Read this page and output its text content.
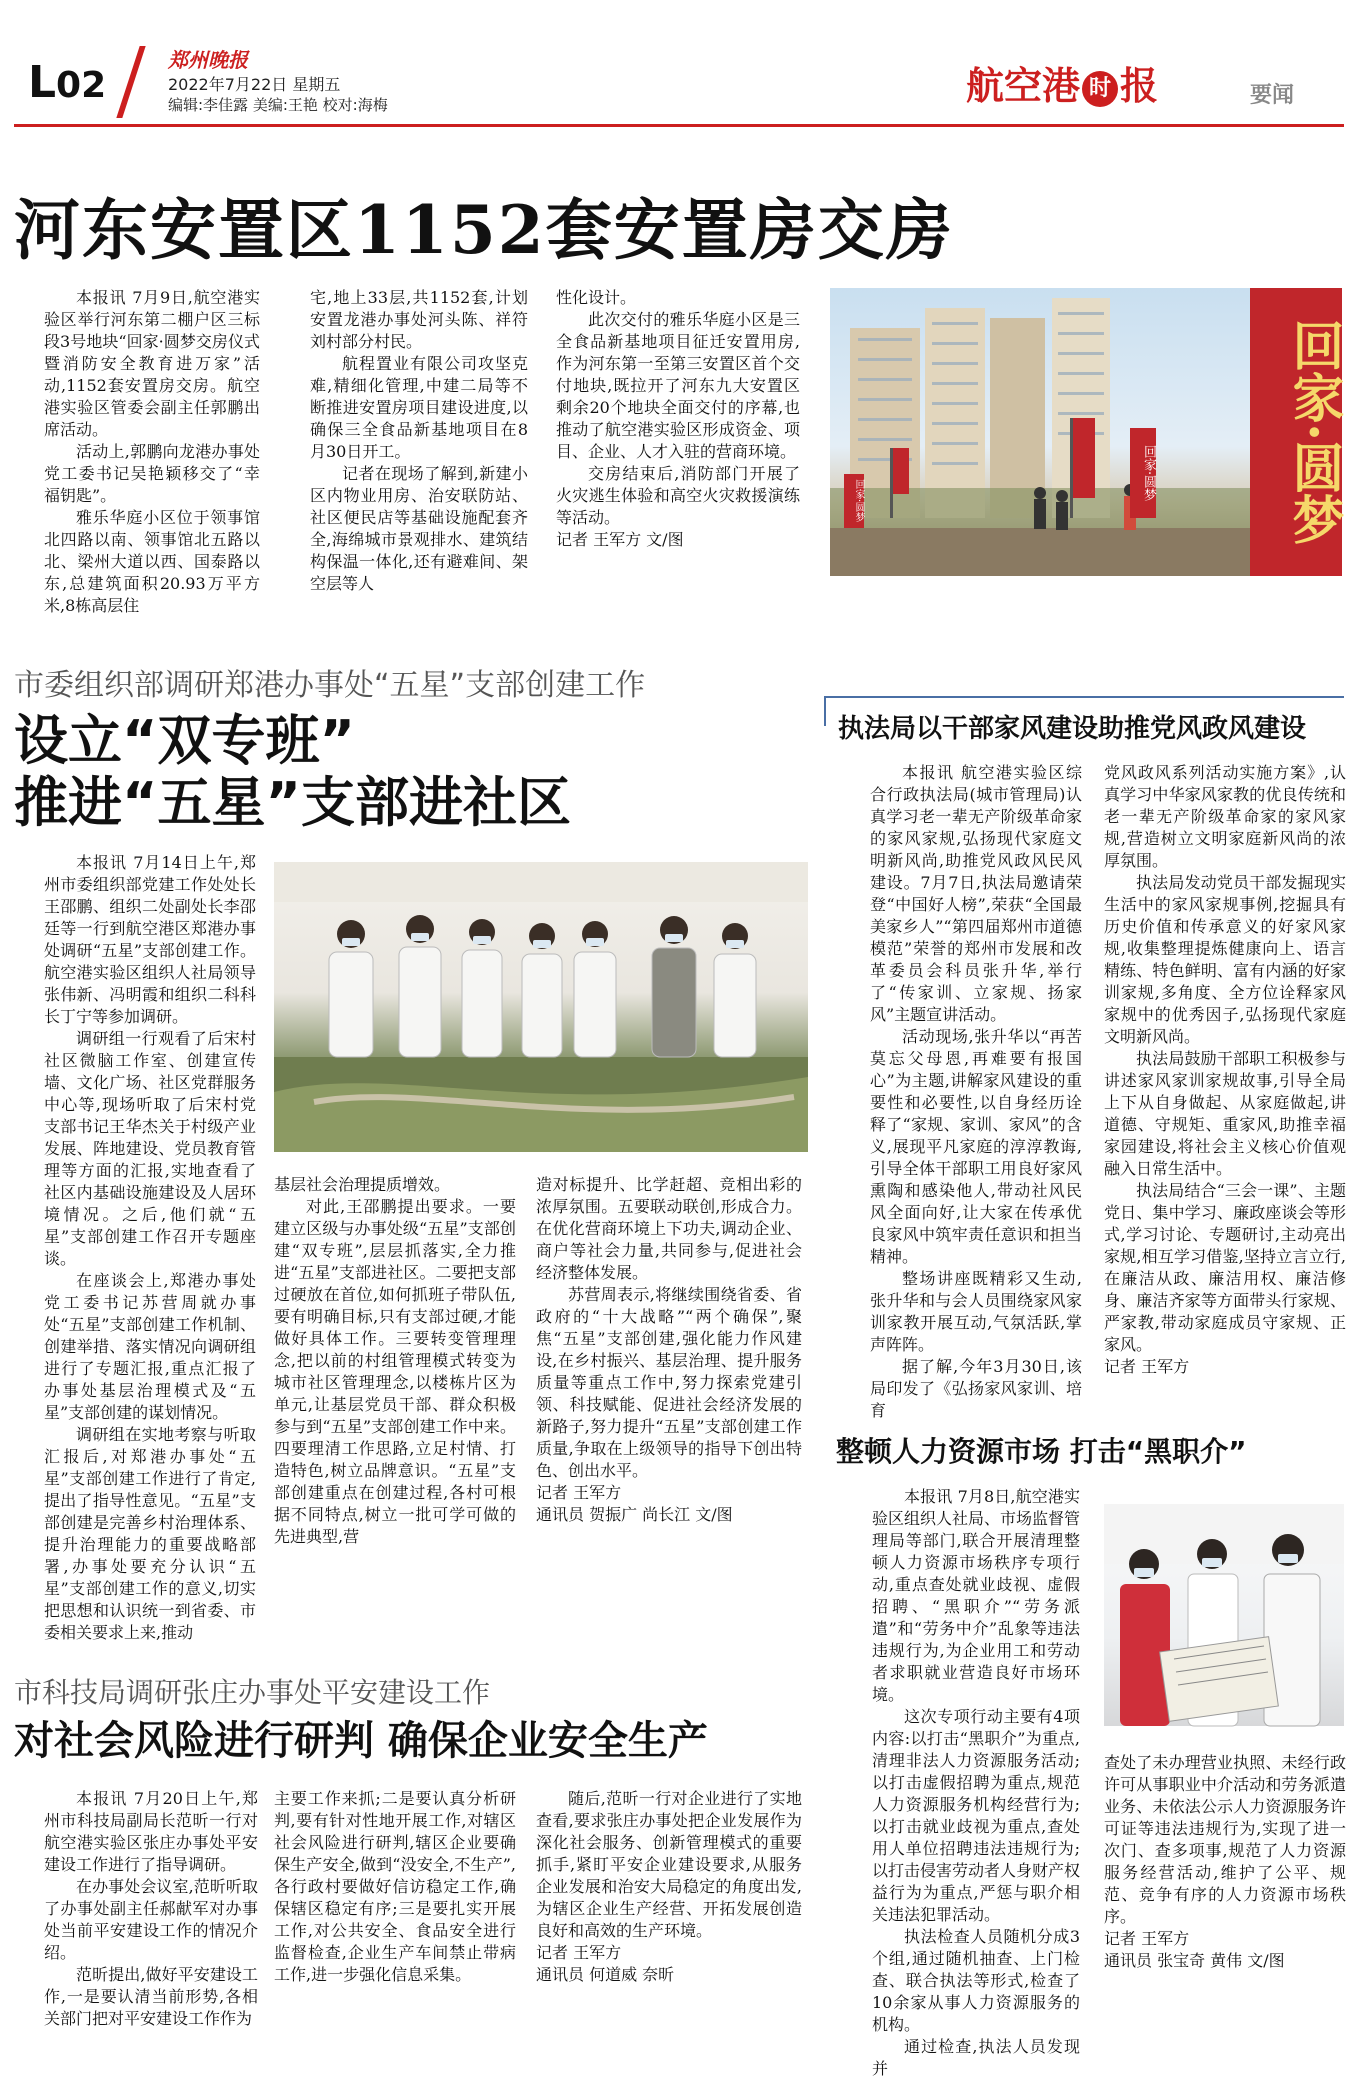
L02
郑州晚报
2022年7月22日 星期五
编辑:李佳露 美编:王艳 校对:海梅	航空港 时 报	要闻
河东安置区1152套安置房交房

本报讯 7月9日,航空港实验区举行河东第二棚户区三标段3号地块“回家·圆梦交房仪式暨消防安全教育进万家”活动,1152套安置房交房。航空港实验区管委会副主任郭鹏出席活动。

活动上,郭鹏向龙港办事处党工委书记吴艳颖移交了“幸福钥匙”。

雅乐华庭小区位于领事馆北四路以南、领事馆北五路以北、梁州大道以西、国泰路以东,总建筑面积20.93万平方米,8栋高层住

宅,地上33层,共1152套,计划安置龙港办事处河头陈、祥符刘村部分村民。

航程置业有限公司攻坚克难,精细化管理,中建二局等不断推进安置房项目建设进度,以确保三全食品新基地项目在8月30日开工。

记者在现场了解到,新建小区内物业用房、治安联防站、社区便民店等基础设施配套齐全,海绵城市景观排水、建筑结构保温一体化,还有避难间、架空层等人

性化设计。

此次交付的雅乐华庭小区是三全食品新基地项目征迁安置用房,作为河东第一至第三安置区首个交付地块,既拉开了河东九大安置区剩余20个地块全面交付的序幕,也推动了航空港实验区形成资金、项目、企业、人才入驻的营商环境。

交房结束后,消防部门开展了火灾逃生体验和高空火灾救援演练等活动。

记者 王军方 文/图

回家·圆梦
回家·圆梦	回家·圆梦
市委组织部调研郑港办事处“五星”支部创建工作
设立“双专班”
推进“五星”支部进社区

本报讯 7月14日上午,郑州市委组织部党建工作处处长王邵鹏、组织二处副处长李邵廷等一行到航空港区郑港办事处调研“五星”支部创建工作。航空港实验区组织人社局领导张伟新、冯明霞和组织二科科长丁宁等参加调研。

调研组一行观看了后宋村社区微脑工作室、创建宣传墙、文化广场、社区党群服务中心等,现场听取了后宋村党支部书记王华杰关于村级产业发展、阵地建设、党员教育管理等方面的汇报,实地查看了社区内基础设施建设及人居环境情况。之后,他们就“五星”支部创建工作召开专题座谈。

在座谈会上,郑港办事处党工委书记苏营周就办事处“五星”支部创建工作机制、创建举措、落实情况向调研组进行了专题汇报,重点汇报了办事处基层治理模式及“五星”支部创建的谋划情况。

调研组在实地考察与听取汇报后,对郑港办事处“五星”支部创建工作进行了肯定,提出了指导性意见。“五星”支部创建是完善乡村治理体系、提升治理能力的重要战略部署,办事处要充分认识“五星”支部创建工作的意义,切实把思想和认识统一到省委、市委相关要求上来,推动

基层社会治理提质增效。

对此,王邵鹏提出要求。一要建立区级与办事处级“五星”支部创建“双专班”,层层抓落实,全力推进“五星”支部进社区。二要把支部过硬放在首位,如何抓班子带队伍,要有明确目标,只有支部过硬,才能做好具体工作。三要转变管理理念,把以前的村组管理模式转变为城市社区管理理念,以楼栋片区为单元,让基层党员干部、群众积极参与到“五星”支部创建工作中来。四要理清工作思路,立足村情、打造特色,树立品牌意识。“五星”支部创建重点在创建过程,各村可根据不同特点,树立一批可学可做的先进典型,营

造对标提升、比学赶超、竞相出彩的浓厚氛围。五要联动联创,形成合力。在优化营商环境上下功夫,调动企业、商户等社会力量,共同参与,促进社会经济整体发展。

苏营周表示,将继续围绕省委、省政府的“十大战略”“两个确保”,聚焦“五星”支部创建,强化能力作风建设,在乡村振兴、基层治理、提升服务质量等重点工作中,努力探索党建引领、科技赋能、促进社会经济发展的新路子,努力提升“五星”支部创建工作质量,争取在上级领导的指导下创出特色、创出水平。

记者 王军方

通讯员 贺振广 尚长江 文/图

执法局以干部家风建设助推党风政风建设

本报讯 航空港实验区综合行政执法局(城市管理局)认真学习老一辈无产阶级革命家的家风家规,弘扬现代家庭文明新风尚,助推党风政风民风建设。7月7日,执法局邀请荣登“中国好人榜”,荣获“全国最美家乡人”“第四届郑州市道德模范”荣誉的郑州市发展和改革委员会科员张升华,举行了“传家训、立家规、扬家风”主题宣讲活动。

活动现场,张升华以“再苦莫忘父母恩,再难要有报国心”为主题,讲解家风建设的重要性和必要性,以自身经历诠释了“家规、家训、家风”的含义,展现平凡家庭的淳淳教诲,引导全体干部职工用良好家风熏陶和感染他人,带动社风民风全面向好,让大家在传承优良家风中筑牢责任意识和担当精神。

整场讲座既精彩又生动,张升华和与会人员围绕家风家训家教开展互动,气氛活跃,掌声阵阵。

据了解,今年3月30日,该局印发了《弘扬家风家训、培育

党风政风系列活动实施方案》,认真学习中华家风家教的优良传统和老一辈无产阶级革命家的家风家规,营造树立文明家庭新风尚的浓厚氛围。

执法局发动党员干部发掘现实生活中的家风家规事例,挖掘具有历史价值和传承意义的好家风家规,收集整理提炼健康向上、语言精练、特色鲜明、富有内涵的好家训家规,多角度、全方位诠释家风家规中的优秀因子,弘扬现代家庭文明新风尚。

执法局鼓励干部职工积极参与讲述家风家训家规故事,引导全局上下从自身做起、从家庭做起,讲道德、守规矩、重家风,助推幸福家园建设,将社会主义核心价值观融入日常生活中。

执法局结合“三会一课”、主题党日、集中学习、廉政座谈会等形式,学习讨论、专题研讨,主动亮出家规,相互学习借鉴,坚持立言立行,在廉洁从政、廉洁用权、廉洁修身、廉洁齐家等方面带头行家规、严家教,带动家庭成员守家规、正家风。

记者 王军方

整顿人力资源市场 打击“黑职介”

本报讯 7月8日,航空港实验区组织人社局、市场监督管理局等部门,联合开展清理整顿人力资源市场秩序专项行动,重点查处就业歧视、虚假招聘、“黑职介”“劳务派遣”和“劳务中介”乱象等违法违规行为,为企业用工和劳动者求职就业营造良好市场环境。

这次专项行动主要有4项内容:以打击“黑职介”为重点,清理非法人力资源服务活动;以打击虚假招聘为重点,规范人力资源服务机构经营行为;以打击就业歧视为重点,查处用人单位招聘违法违规行为;以打击侵害劳动者人身财产权益行为为重点,严惩与职介相关违法犯罪活动。

执法检查人员随机分成3个组,通过随机抽查、上门检查、联合执法等形式,检查了10余家从事人力资源服务的机构。

通过检查,执法人员发现并

查处了未办理营业执照、未经行政许可从事职业中介活动和劳务派遣业务、未依法公示人力资源服务许可证等违法违规行为,实现了进一次门、查多项事,规范了人力资源服务经营活动,维护了公平、规范、竞争有序的人力资源市场秩序。

记者 王军方

通讯员 张宝奇 黄伟 文/图

市科技局调研张庄办事处平安建设工作
对社会风险进行研判 确保企业安全生产

本报讯 7月20日上午,郑州市科技局副局长范昕一行对航空港实验区张庄办事处平安建设工作进行了指导调研。

在办事处会议室,范昕听取了办事处副主任郝献军对办事处当前平安建设工作的情况介绍。

范昕提出,做好平安建设工作,一是要认清当前形势,各相关部门把对平安建设工作作为

主要工作来抓;二是要认真分析研判,要有针对性地开展工作,对辖区社会风险进行研判,辖区企业要确保生产安全,做到“没安全,不生产”,各行政村要做好信访稳定工作,确保辖区稳定有序;三是要扎实开展工作,对公共安全、食品安全进行监督检查,企业生产车间禁止带病工作,进一步强化信息采集。

随后,范昕一行对企业进行了实地查看,要求张庄办事处把企业发展作为深化社会服务、创新管理模式的重要抓手,紧盯平安企业建设要求,从服务企业发展和治安大局稳定的角度出发,为辖区企业生产经营、开拓发展创造良好和高效的生产环境。

记者 王军方

通讯员 何道威 奈昕
